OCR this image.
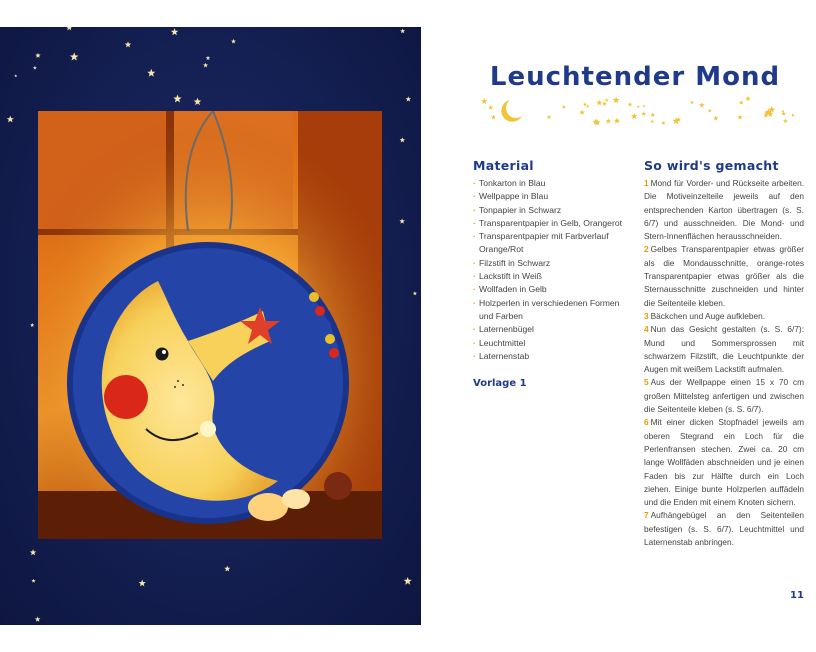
Leuchtender Mond
Material
· Tonkarton in Blau
· Wellpappe in Blau
· Tonpapier in Schwarz
· Transparentpapier in Gelb, Orangerot
· Transparentpapier mit Farbverlauf Orange/Rot
· Filzstift in Schwarz
· Lackstift in Weiß
· Wollfaden in Gelb
· Holzperlen in verschiedenen Formen und Farben
· Laternenbügel
· Leuchtmittel
· Laternenstab
Vorlage 1
So wird's gemacht
1 Mond für Vorder- und Rückseite arbeiten. Die Motiveinzelteile jeweils auf den entsprechenden Karton übertragen (s. S. 6/7) und ausschneiden. Die Mond- und Stern-Innenflächen herausschneiden.
2 Gelbes Transparentpapier etwas größer als die Mondausschnitte, orange-rotes Transparentpapier etwas größer als die Sternausschnitte zuschneiden und hinter die Seitenteile kleben.
3 Bäckchen und Auge aufkleben.
4 Nun das Gesicht gestalten (s. S. 6/7): Mund und Sommersprossen mit schwarzem Filzstift, die Leuchtpunkte der Augen mit weißem Lackstift aufmalen.
5 Aus der Wellpappe einen 15 x 70 cm großen Mittelsteg anfertigen und zwischen die Seitenteile kleben (s. S. 6/7).
6 Mit einer dicken Stopfnadel jeweils am oberen Stegrand ein Loch für die Perlenfransen stechen. Zwei ca. 20 cm lange Wollfäden abschneiden und je einen Faden bis zur Hälfte durch ein Loch ziehen. Einige bunte Holzperlen auffädeln und die Enden mit einem Knoten sichern.
7 Aufhängebügel an den Seitenteilen befestigen (s. S. 6/7). Leuchtmittel und Laternenstab anbringen.
11
